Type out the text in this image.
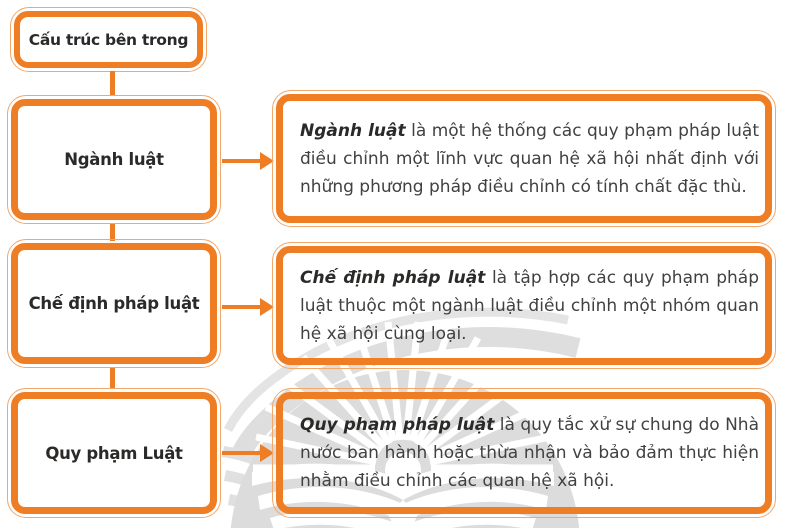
Cấu trúc bên trong
Ngành luật

Ngành luật là một hệ thống các quy phạm pháp luật điều chỉnh một lĩnh vực quan hệ xã hội nhất định với những phương pháp điều chỉnh có tính chất đặc thù.

Chế định pháp luật

Chế định pháp luật là tập hợp các quy phạm pháp luật thuộc một ngành luật điều chỉnh một nhóm quan hệ xã hội cùng loại.

Quy phạm Luật

Quy phạm pháp luật là quy tắc xử sự chung do Nhà nước ban hành hoặc thừa nhận và bảo đảm thực hiện nhằm điều chỉnh các quan hệ xã hội.
